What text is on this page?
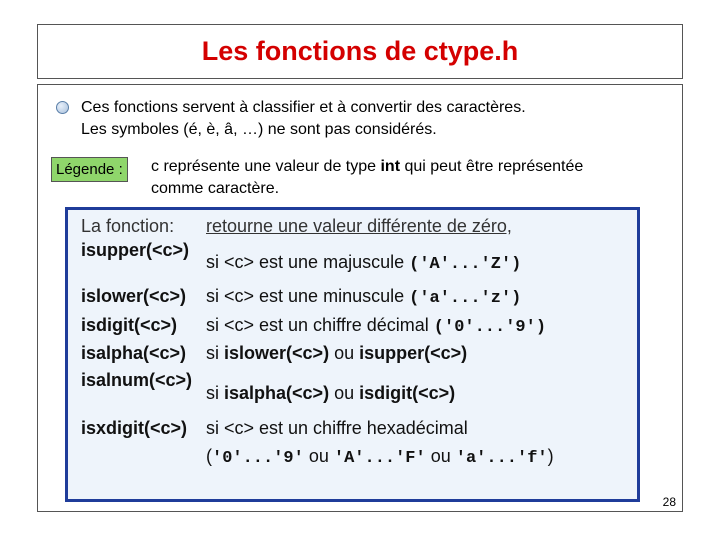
Les fonctions de ctype.h
Ces fonctions servent à classifier et à convertir des caractères.
Les symboles (é, è, â, …) ne sont pas considérés.
Légende :	c représente une valeur de type int qui peut être représentée
comme caractère.
La fonction: retourne une valeur différente de zéro,
isupper(<c>)
si <c> est une majuscule ('A'...'Z')
islower(<c>) si <c> est une minuscule ('a'...'z')
isdigit(<c>) si <c> est un chiffre décimal ('0'...'9')
isalpha(<c>) si islower(<c>) ou isupper(<c>)
isalnum(<c>)
si isalpha(<c>) ou isdigit(<c>)
isxdigit(<c>) si <c> est un chiffre hexadécimal
('0'...'9' ou 'A'...'F' ou 'a'...'f')
28
